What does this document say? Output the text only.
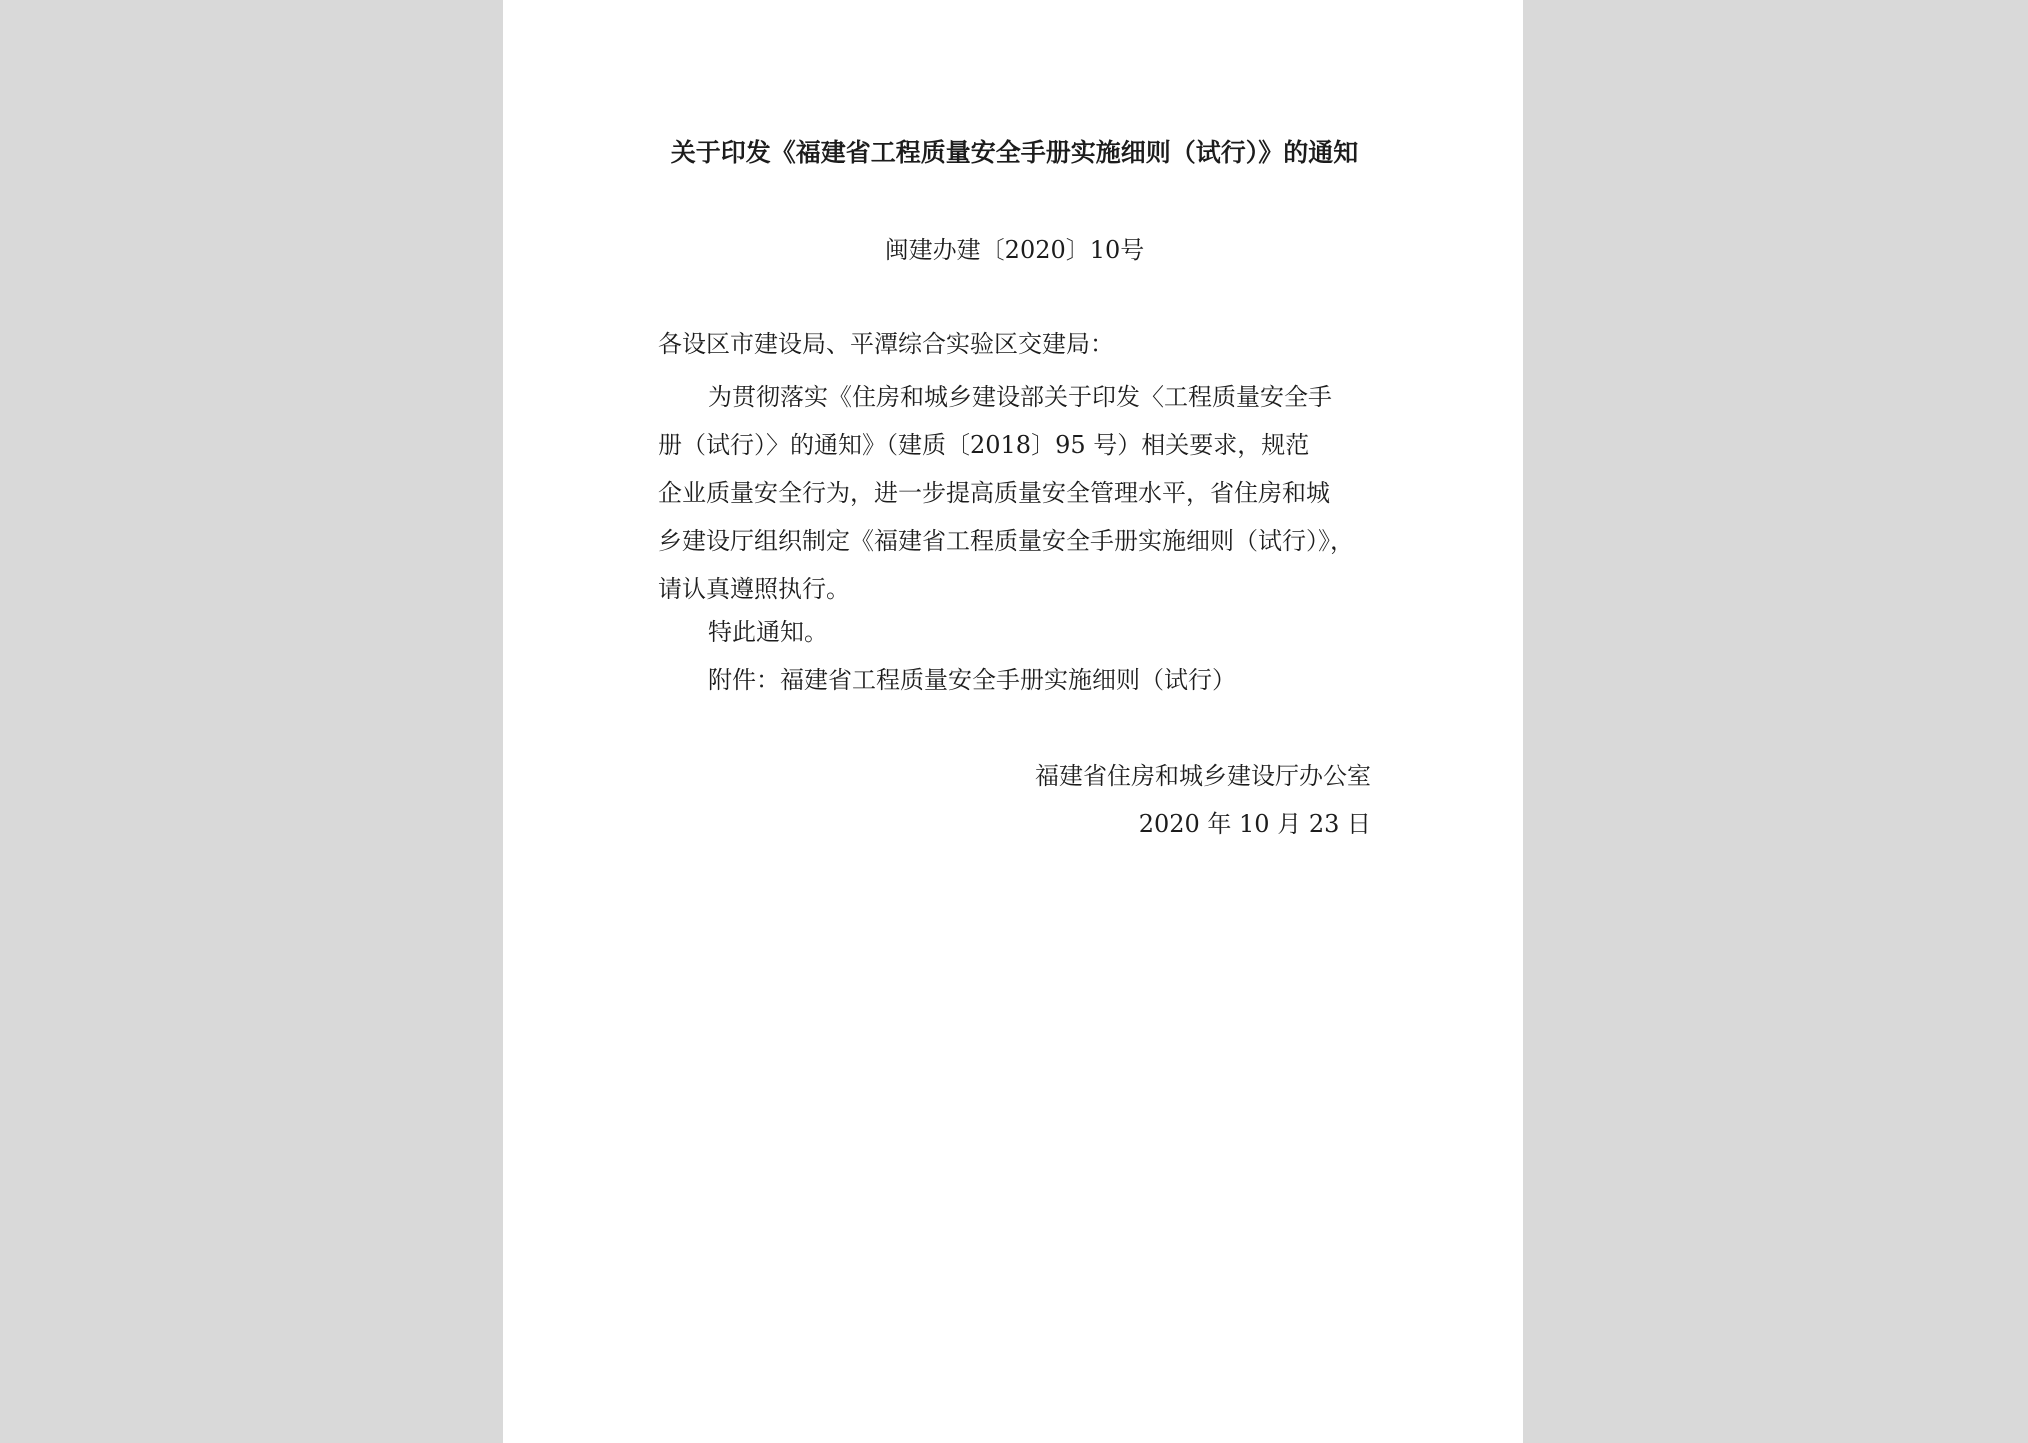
关于印发《福建省工程质量安全手册实施细则（试行）》的通知
闽建办建〔2020〕10号
各设区市建设局、平潭综合实验区交建局：
为贯彻落实《住房和城乡建设部关于印发〈工程质量安全手
册（试行）〉的通知》（建质〔2018〕95 号）相关要求，规范
企业质量安全行为，进一步提高质量安全管理水平，省住房和城
乡建设厅组织制定《福建省工程质量安全手册实施细则（试行）》，
请认真遵照执行。
特此通知。
附件：福建省工程质量安全手册实施细则（试行）
福建省住房和城乡建设厅办公室
2020 年 10 月 23 日
